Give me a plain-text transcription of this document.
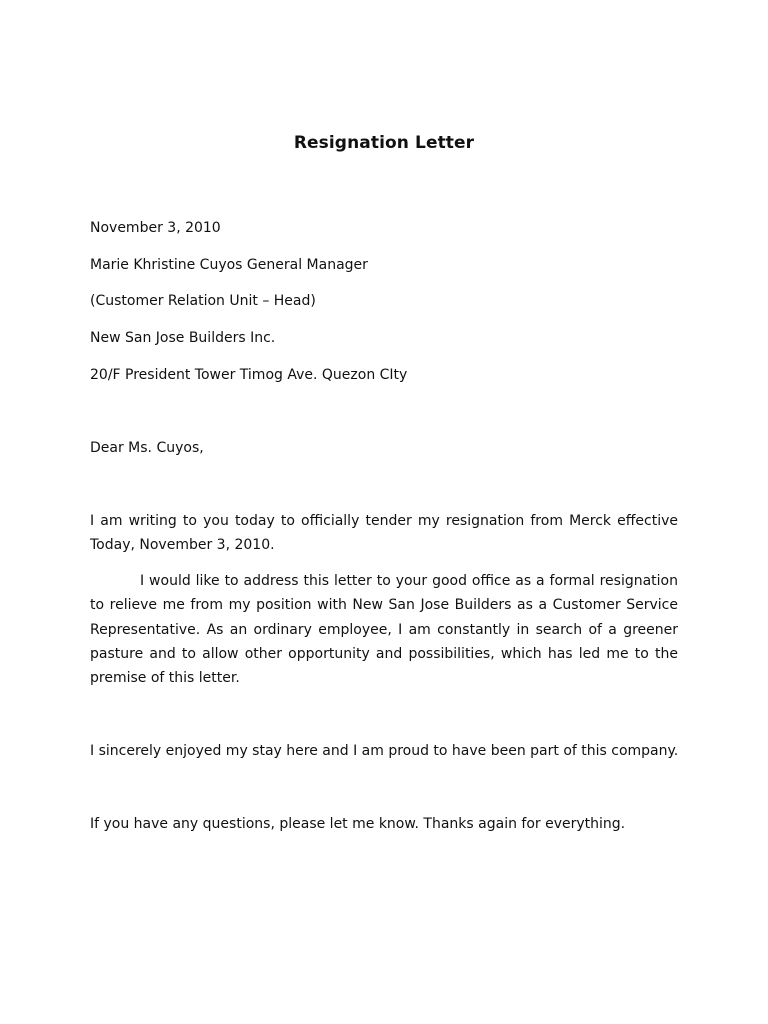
Resignation Letter
November 3, 2010
Marie Khristine Cuyos General Manager
(Customer Relation Unit – Head)
New San Jose Builders Inc.
20/F President Tower Timog Ave. Quezon CIty
Dear Ms. Cuyos,
I am writing to you today to officially tender my resignation from Merck effective Today, November 3, 2010.
I would like to address this letter to your good office as a formal resignation to relieve me from my position with New San Jose Builders as a Customer Service Representative. As an ordinary employee, I am constantly in search of a greener pasture and to allow other opportunity and possibilities, which has led me to the premise of this letter.
I sincerely enjoyed my stay here and I am proud to have been part of this company.
If you have any questions, please let me know. Thanks again for everything.
